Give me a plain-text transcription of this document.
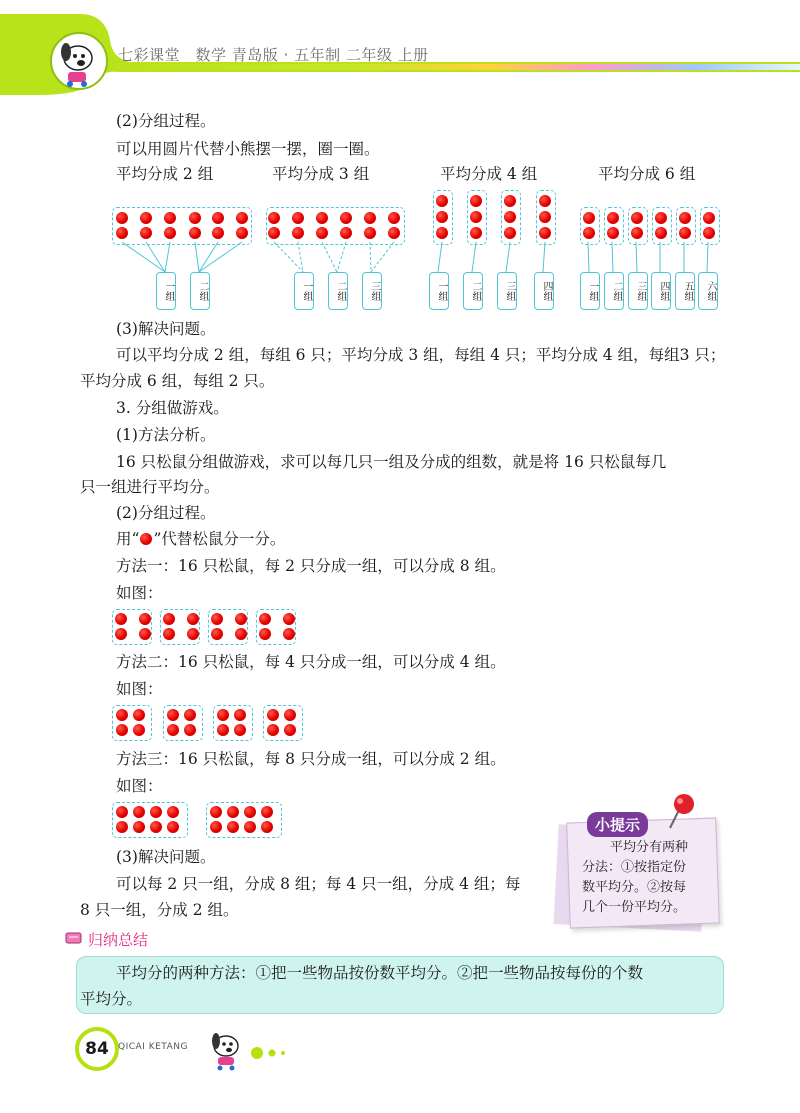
七彩课堂　数学 青岛版 · 五年制 二年级 上册
(2)分组过程。
可以用圆片代替小熊摆一摆，圈一圈。
平均分成 2 组	平均分成 3 组	平均分成 4 组	平均分成 6 组
一组	二组	一组	二组	三组	一组	二组	三组	四组	一组	二组	三组	四组	五组	六组
(3)解决问题。
可以平均分成 2 组，每组 6 只；平均分成 3 组，每组 4 只；平均分成 4 组，每组3 只；
平均分成 6 组，每组 2 只。
3. 分组做游戏。
(1)方法分析。
16 只松鼠分组做游戏，求可以每几只一组及分成的组数，就是将 16 只松鼠每几
只一组进行平均分。
(2)分组过程。
用“ ”代替松鼠分一分。
方法一：16 只松鼠，每 2 只分成一组，可以分成 8 组。
如图：
方法二：16 只松鼠，每 4 只分成一组，可以分成 4 组。
如图：
方法三：16 只松鼠，每 8 只分成一组，可以分成 2 组。
如图：
(3)解决问题。
可以每 2 只一组，分成 8 组；每 4 只一组，分成 4 组；每
8 只一组，分成 2 组。
小提示
平均分有两种
分法：①按指定份
数平均分。②按每
几个一份平均分。
归纳总结
平均分的两种方法：①把一些物品按份数平均分。②把一些物品按每份的个数
平均分。
84	QICAI KETANG
